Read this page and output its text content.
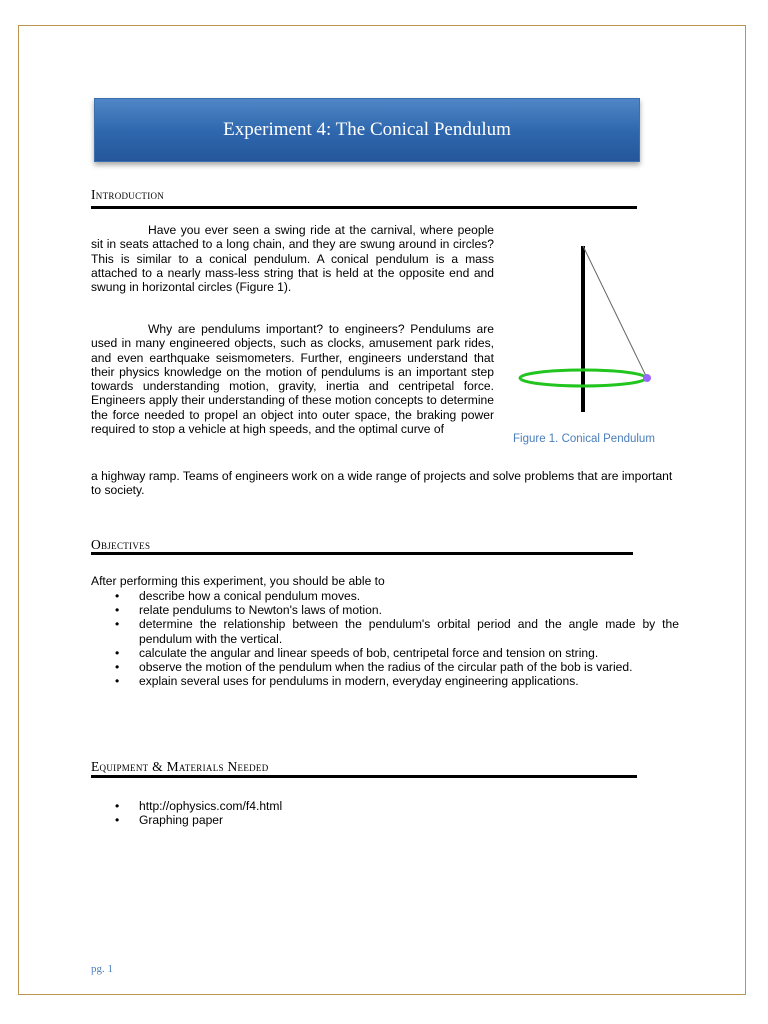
Experiment 4: The Conical Pendulum
Introduction

Have you ever seen a swing ride at the carnival, where people sit in seats attached to a long chain, and they are swung around in circles? This is similar to a conical pendulum. A conical pendulum is a mass attached to a nearly mass-less string that is held at the opposite end and swung in horizontal circles (Figure 1).

Why are pendulums important? to engineers? Pendulums are used in many engineered objects, such as clocks, amusement park rides, and even earthquake seismometers. Further, engineers understand that their physics knowledge on the motion of pendulums is an important step towards understanding motion, gravity, inertia and centripetal force. Engineers apply their understanding of these motion concepts to determine the force needed to propel an object into outer space, the braking power required to stop a vehicle at high speeds, and the optimal curve of

a highway ramp. Teams of engineers work on a wide range of projects and solve problems that are important to society.

Figure 1. Conical Pendulum
Objectives

After performing this experiment, you should be able to

• describe how a conical pendulum moves.
• relate pendulums to Newton's laws of motion.
• determine the relationship between the pendulum's orbital period and the angle made by the pendulum with the vertical.
• calculate the angular and linear speeds of bob, centripetal force and tension on string.
• observe the motion of the pendulum when the radius of the circular path of the bob is varied.
• explain several uses for pendulums in modern, everyday engineering applications.
Equipment & Materials Needed
• http://ophysics.com/f4.html
• Graphing paper
pg. 1
